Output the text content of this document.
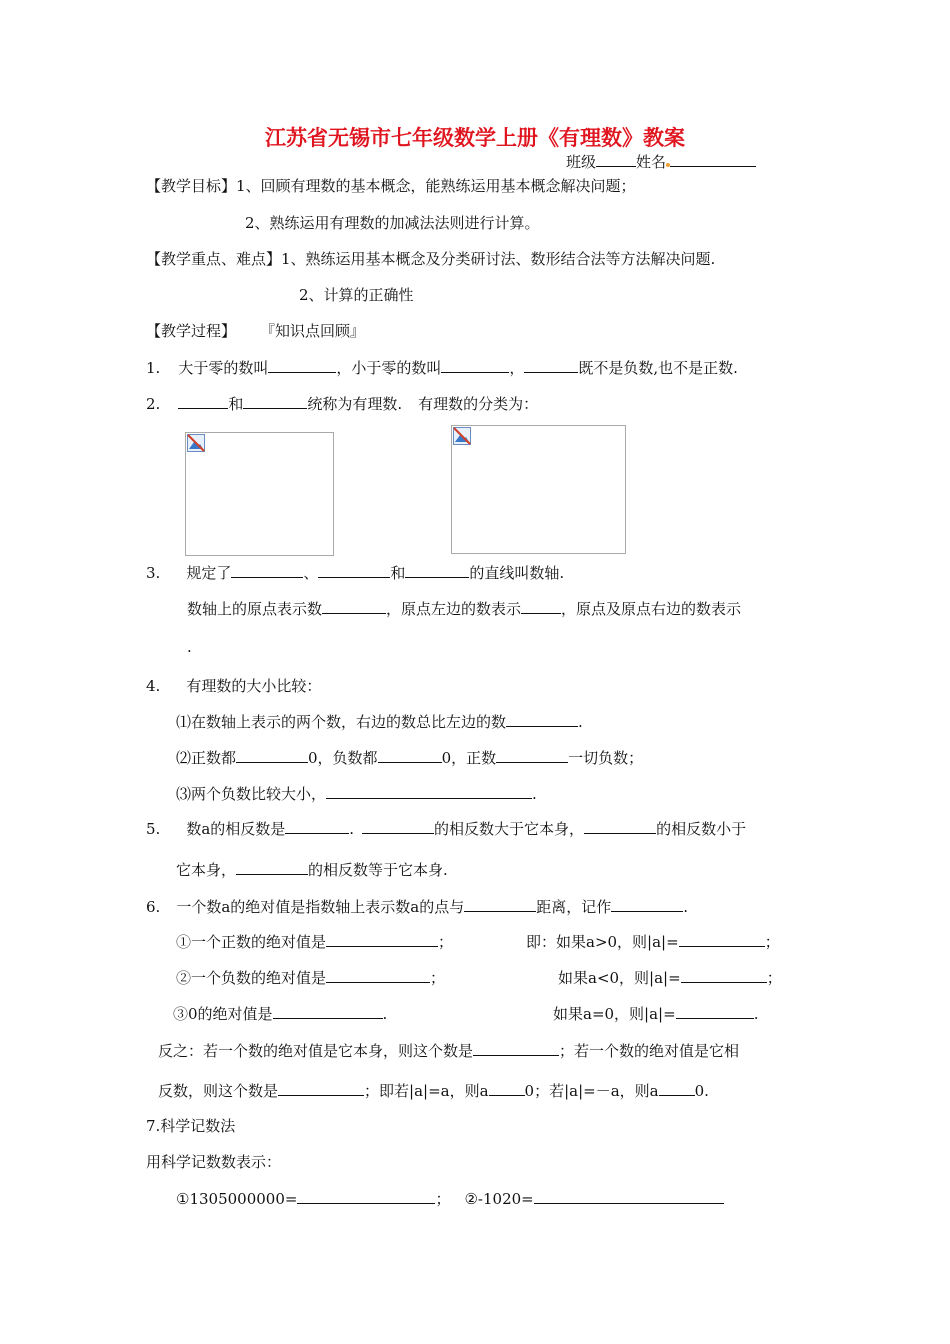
江苏省无锡市七年级数学上册《有理数》教案
班级	姓名
【教学目标】1、回顾有理数的基本概念，能熟练运用基本概念解决问题；
2、熟练运用有理数的加减法法则进行计算。
【教学重点、难点】1、熟练运用基本概念及分类研讨法、数形结合法等方法解决问题.
2、计算的正确性
【教学过程】 『知识点回顾』
1. 大于零的数叫	，小于零的数叫	，	既不是负数,也不是正数.
2.	和	统称为有理数. 有理数的分类为：
3. 规定了	、	和	的直线叫数轴.
数轴上的原点表示数	，原点左边的数表示	，原点及原点右边的数表示
.
4. 有理数的大小比较：
⑴在数轴上表示的两个数，右边的数总比左边的数	.
⑵正数都	0，负数都	0，正数	一切负数；
⑶两个负数比较大小，	.
5. 数a的相反数是	.	的相反数大于它本身，	的相反数小于
它本身，	的相反数等于它本身.
6. 一个数a的绝对值是指数轴上表示数a的点与	距离，记作	.
①一个正数的绝对值是	；	即：如果a>0，则|a|=	；
②一个负数的绝对值是	；	如果a<0，则|a|=	；
③0的绝对值是	.	如果a=0，则|a|=	.
反之：若一个数的绝对值是它本身，则这个数是	；若一个数的绝对值是它相
反数，则这个数是	；即若|a|=a，则a 0；若|a|=－a，则a 0.
7.科学记数法
用科学记数数表示：
①1305000000=	； ②-1020=
